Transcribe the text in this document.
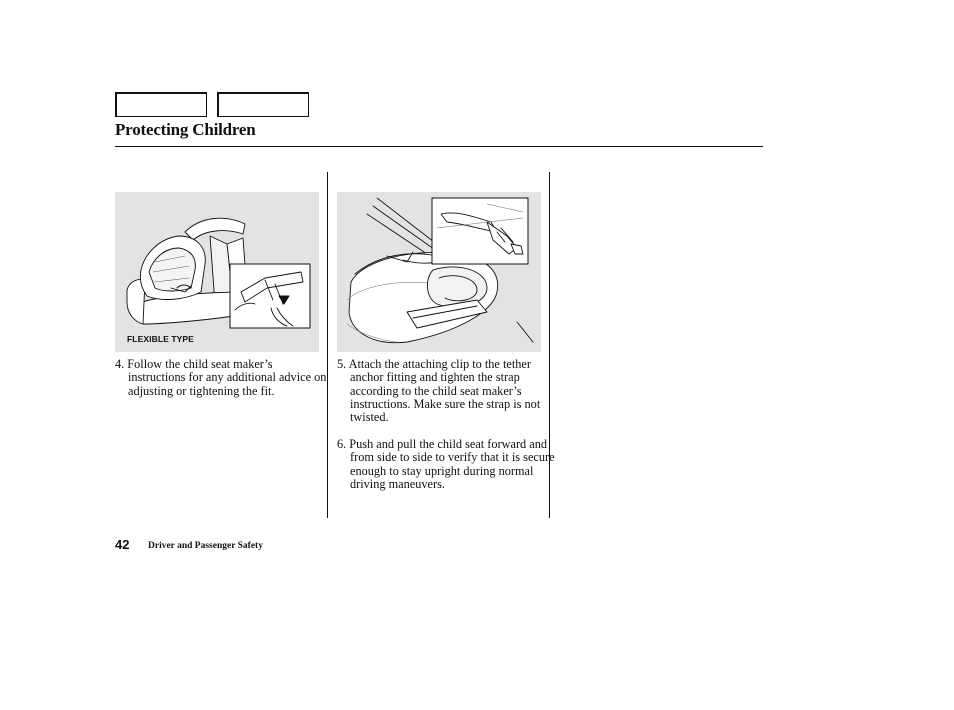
Protecting Children
FLEXIBLE TYPE

4. Follow the child seat maker’s instructions for any additional advice on adjusting or tightening the fit.

5. Attach the attaching clip to the tether anchor fitting and tighten the strap according to the child seat maker’s instructions. Make sure the strap is not twisted.

6. Push and pull the child seat forward and from side to side to verify that it is secure enough to stay upright during normal driving maneuvers.

42 Driver and Passenger Safety
